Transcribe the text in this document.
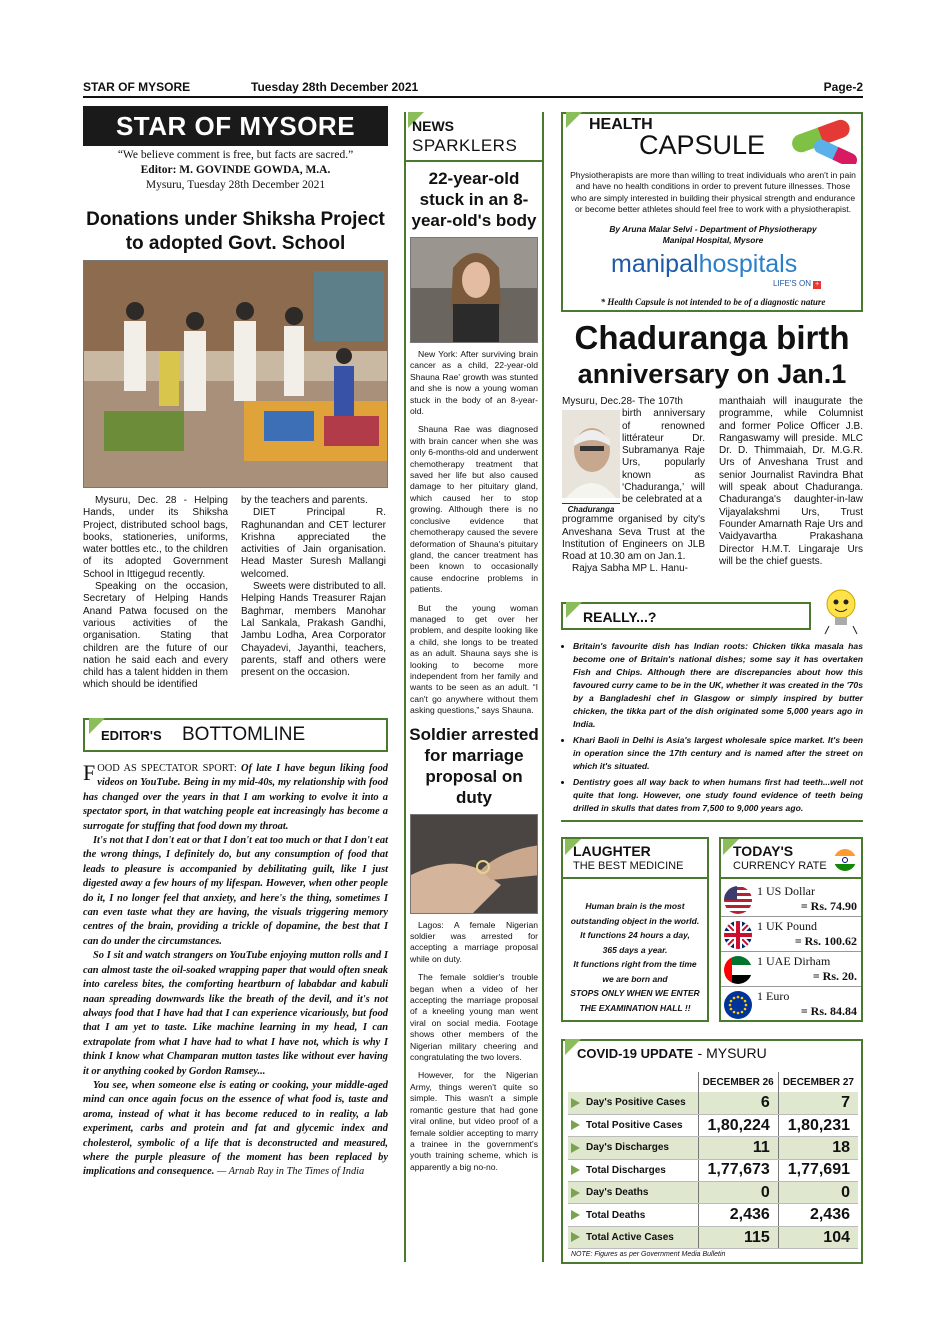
STAR OF MYSORE	Tuesday 28th December 2021	Page-2
STAR OF MYSORE
“We believe comment is free, but facts are sacred.”
Editor: M. GOVINDE GOWDA, M.A.
Mysuru, Tuesday 28th December 2021
Donations under Shiksha Project
to adopted Govt. School

Mysuru, Dec. 28 - Helping Hands, under its Shiksha Project, distributed school bags, books, stationeries, uniforms, water bottles etc., to the children of its adopted Government School in Ittigegud recently.

Speaking on the occasion, Secretary of Helping Hands Anand Patwa focused on the various activities of the organisation. Stating that children are the future of our nation he said each and every child has a talent hidden in them which should be identified

by the teachers and parents.

DIET Principal R. Raghunandan and CET lecturer Krishna appreciated the activities of Jain organisation. Head Master Suresh Mallangi welcomed.

Sweets were distributed to all. Helping Hands Treasurer Rajan Baghmar, members Manohar Lal Sankala, Prakash Gandhi, Jambu Lodha, Area Corporator Chayadevi, Jayanthi, teachers, parents, staff and others were present on the occasion.

EDITOR'S BOTTOMLINE

FOOD AS SPECTATOR SPORT: Of late I have begun liking food videos on YouTube. Being in my mid-40s, my relationship with food has changed over the years in that I am working to evolve it into a spectator sport, in that watching people eat increasingly has become a surrogate for stuffing that food down my throat.

It's not that I don't eat or that I don't eat too much or that I don't eat the wrong things, I definitely do, but any consumption of food that leads to pleasure is accompanied by debilitating guilt, like I just digested away a few hours of my lifespan. However, when other people do it, I no longer feel that anxiety, and here's the thing, sometimes I can even taste what they are having, the visuals triggering memory centres of the brain, providing a trickle of dopamine, the best that I can do under the circumstances.

So I sit and watch strangers on YouTube enjoying mutton rolls and I can almost taste the oil-soaked wrapping paper that would often sneak into careless bites, the comforting heartburn of lababdar and kabuli naan spreading downwards like the breath of the devil, and it's not always food that I have had that I can experience vicariously, but food that I am yet to taste. Like machine learning in my head, I can extrapolate from what I have had to what I have not, which is why I think I know what Champaran mutton tastes like without ever having it or anything cooked by Gordon Ramsey...

You see, when someone else is eating or cooking, your middle-aged mind can once again focus on the essence of what food is, taste and aroma, instead of what it has become reduced to in reality, a lab experiment, carbs and protein and fat and glycemic index and cholesterol, symbolic of a life that is deconstructed and measured, where the purple pleasure of the moment has been replaced by implications and consequence. — Arnab Ray in The Times of India

NEWS
SPARKLERS
22-year-old stuck in an 8-year-old's body

New York: After surviving brain cancer as a child, 22-year-old Shauna Rae' growth was stunted and she is now a young woman stuck in the body of an 8-year-old.

Shauna Rae was diagnosed with brain cancer when she was only 6-months-old and underwent chemotherapy treatment that saved her life but also caused damage to her pituitary gland, which caused her to stop growing. Although there is no conclusive evidence that chemotherapy caused the severe deformation of Shauna's pituitary gland, the cancer treatment has been known to occasionally cause endocrine problems in patients.

But the young woman managed to get over her problem, and despite looking like a child, she longs to be treated as an adult. Shauna says she is looking to become more independent from her family and wants to be seen as an adult. “I can't go anywhere without them asking questions,” says Shauna.

Soldier arrested for marriage proposal on duty

Lagos: A female Nigerian soldier was arrested for accepting a marriage proposal while on duty.

The female soldier's trouble began when a video of her accepting the marriage proposal of a kneeling young man went viral on social media. Footage shows other members of the Nigerian military cheering and congratulating the two lovers.

However, for the Nigerian Army, things weren't quite so simple. This wasn't a simple romantic gesture that had gone viral online, but video proof of a female soldier accepting to marry a trainee in the government's youth training scheme, which is apparently a big no-no.

HEALTH
CAPSULE
Physiotherapists are more than willing to treat individuals who aren't in pain and have no health conditions in order to prevent future illnesses. Those who are simply interested in building their physical strength and endurance or become better athletes should feel free to work with a physiotherapist.
By Aruna Malar Selvi - Department of Physiotherapy
Manipal Hospital, Mysore
manipalhospitals
LIFE'S ON +
* Health Capsule is not intended to be of a diagnostic nature
Chaduranga birth
anniversary on Jan.1
Mysuru, Dec.28- The 107th
Chaduranga
birth anniversary of renowned littérateur Dr. Subramanya Raje Urs, popularly known as ‘Chaduranga,’ will be celebrated at a
programme organised by city's Anveshana Seva Trust at the Institution of Engineers on JLB Road at 10.30 am on Jan.1.
Rajya Sabha MP L. Hanu-
manthaiah will inaugurate the programme, while Columnist and former Police Officer J.B. Rangaswamy will preside. MLC Dr. D. Thimmaiah, Dr. M.G.R. Urs of Anveshana Trust and senior Journalist Ravindra Bhat will speak about Chaduranga. Chaduranga's daughter-in-law Vijayalakshmi Urs, Trust Founder Amarnath Raje Urs and Vaidyavartha Prakashana Director H.M.T. Lingaraje Urs will be the chief guests.
REALLY...?
• Britain's favourite dish has Indian roots: Chicken tikka masala has become one of Britain's national dishes; some say it has overtaken Fish and Chips. Although there are discrepancies about how this favoured curry came to be in the UK, whether it was created in the '70s by a Bangladeshi chef in Glasgow or simply inspired by butter chicken, the tikka part of the dish originated some 5,000 years ago in India.
• Khari Baoli in Delhi is Asia's largest wholesale spice market. It's been in operation since the 17th century and is named after the street on which it's situated.
• Dentistry goes all way back to when humans first had teeth...well not quite that long. However, one study found evidence of teeth being drilled in skulls that dates from 7,500 to 9,000 years ago.
LAUGHTER
THE BEST MEDICINE
Human brain is the most
outstanding object in the world.
It functions 24 hours a day,
365 days a year.
It functions right from the time
we are born and
STOPS ONLY WHEN WE ENTER
THE EXAMINATION HALL !!
TODAY'S
CURRENCY RATE
1 US Dollar
= Rs. 74.90
1 UK Pound
= Rs. 100.62
1 UAE Dirham
= Rs. 20.
1 Euro
= Rs. 84.84
COVID-19 UPDATE - MYSURU
	DECEMBER 26	DECEMBER 27
Day's Positive Cases	6	7
Total Positive Cases	1,80,224	1,80,231
Day's Discharges	11	18
Total Discharges	1,77,673	1,77,691
Day's Deaths	0	0
Total Deaths	2,436	2,436
Total Active Cases	115	104
NOTE: Figures as per Government Media Bulletin
